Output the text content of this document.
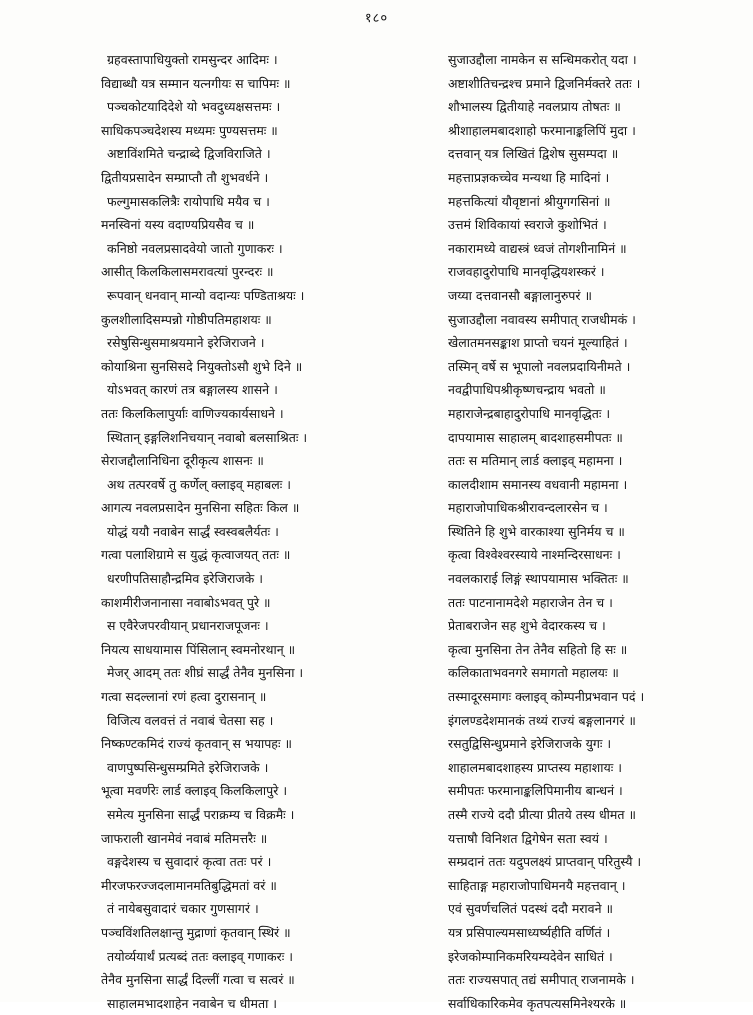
१८०
ग्रहवस्तापाधियुक्तो रामसुन्दर आदिमः ।
विद्याब्धौ यत्र सम्मान यत्नगीयः स चापिमः ॥
पञ्चकोटयादिदेशे यो भवदुध्यक्षसत्तमः ।
साधिकपञ्चदेशस्य मध्यमः पुण्यसत्तमः ॥
अष्टाविंशमिते चन्द्राब्दे द्विजविराजिते ।
द्वितीयप्रसादेन सम्प्राप्तौ तौ शुभवर्धने ।
फल्गुमासकलित्रैः रायोपाधि मयैव च ।
मनस्विनां यस्य वदाण्यप्रियसैव च ॥
कनिष्ठो नवलप्रसादवेयो जातो गुणाकरः ।
आसीत् किलकिलासमरावत्यां पुरन्दरः ॥
रूपवान् धनवान् मान्यो वदान्यः पण्डिताश्रयः ।
कुलशीलादिसम्पन्नो गोष्ठीपतिमहाशयः ॥
रसेषुसिन्धुसमाश्रयमाने इरेजिराजने ।
कोयाश्रिना सुनसिसदे नियुक्तोऽसौ शुभे दिने ॥
योऽभवत् कारणं तत्र बङ्गालस्य शासने ।
ततः किलकिलापुर्याः वाणिज्यकार्यसाधने ।
स्थितान् इङ्गलिशनिचयान् नवाबो बलसाश्रितः ।
सेराजद्दौलानिधिना दूरीकृत्य शासनः ॥
अथ तत्परवर्षे तु कर्णेल् क्लाइव् महाबलः ।
आगत्य नवलप्रसादेन मुनसिना सहितः किल ॥
योद्धं ययौ नवाबेन सार्द्धं स्वस्वबलैर्यतः ।
गत्वा पलाशिग्रामे स युद्धं कृत्वाजयत् ततः ॥
धरणीपतिसाहौन्द्रमिव इरेजिराजके ।
काशमीरीजनानासा नवाबोऽभवत् पुरे ॥
स एवैरेजपरवीयान् प्रधानराजपूजनः ।
नियत्य साधयामास पिंसिलान् स्वमनोरथान् ॥
मेजर् आदम् ततः शीघ्रं सार्द्धं तेनैव मुनसिना ।
गत्वा सदल्लानां रणं हत्वा दुरासनान् ॥
विजित्य वलवत्तं तं नवाबं चेतसा सह ।
निष्कण्टकमिदं राज्यं कृतवान् स भयापहः ॥
वाणपुष्पसिन्धुसम्प्रमिते इरेजिराजके ।
भूत्वा मवर्णरेः लार्ड क्लाइव् किलकिलापुरे ।
समेत्य मुनसिना सार्द्धं पराक्रम्य च विक्रमैः ।
जाफराली खानमेवं नवाबं मतिमत्तरैः ॥
वङ्गदेशस्य च सुवादारं कृत्वा ततः परं ।
मीरजफरज्जदलामानमतिबुद्धिमतां वरं ॥
तं नायेबसुवादारं चकार गुणसागरं ।
पञ्चविंशतिलक्षान्तु मुद्राणां कृतवान् स्थिरं ॥
तयोर्व्ययार्थं प्रत्यब्दं ततः क्लाइव् गणाकरः ।
तेनैव मुनसिना सार्द्धं दिल्लीं गत्वा च सत्वरं ॥
साहालमभादशाहेन नवाबेन च धीमता ।
सुजाउद्दौला नामकेन स सन्धिमकरोत् यदा ।
अष्टाशीतिचन्द्रश्च प्रमाने द्विजनिर्मक्तरे ततः ।
शौभालस्य द्वितीयाहे नवलप्राय तोषतः ॥
श्रीशाहालमबादशाहो फरमानाङ्कलिपिं मुदा ।
दत्तवान् यत्र लिखितं द्विशेष सुसम्पदा ॥
महत्ताप्रज्ञकच्चेव मन्यथा हि मादिनां ।
महत्तकित्यां यौवृष्टानां श्रीयुगगसिनां ॥
उत्तमं शिविकायां स्वराजे कुशोभितं ।
नकारामध्ये वाद्यस्त्रं ध्वजं तोगशीनामिनं ॥
राजवहादुरोपाधि मानवृद्धियशस्करं ।
जय्या दत्तवानसौ बङ्गालानुरुपरं ॥
सुजाउद्दौला नवावस्य समीपात् राजधीमकं ।
खेलातमनसङ्काश प्राप्तो चयनं मूल्याहितं ।
तस्मिन् वर्षे स भूपालो नवलप्रदायिनीमते ।
नवद्वीपाधिपश्रीकृष्णचन्द्राय भवतो ॥
महाराजेन्द्रबाहादुरोपाधि मानवृद्धितः ।
दापयामास साहालम् बादशाहसमीपतः ॥
ततः स मतिमान् लार्ड क्लाइव् महामना ।
कालदीशाम समानस्य वधवानी महामना ।
महाराजोपाधिकश्रीरावन्दलारसेन च ।
स्थितिने हि शुभे वारकाश्या सुनिर्मय च ॥
कृत्वा विश्वेश्वरस्याये नाश्मन्दिरसाधनः ।
नवलकाराई लिङ्गं स्थापयामास भक्तितः ॥
ततः पाटनानामदेशे महाराजेन तेन च ।
प्रेताबराजेन सह शुभे वेदारकस्य च ।
कृत्वा मुनसिना तेन तेनैव सहितो हि सः ॥
कलिकाताभवनगरे समागतो महालयः ॥
तस्मादूरसमागः क्लाइव् कोम्पनीप्रभवान पदं ।
इंगलण्डदेशमानकं तथ्यं राज्यं बङ्गलानगरं ॥
रसतुद्विसिन्धुप्रमाने इरेजिराजके युगः ।
शाहालमबादशाहस्य प्राप्तस्य महाशायः ।
समीपतः फरमानाङ्कलिपिमानीय बान्धनं ।
तस्मै राज्ये ददौ प्रीत्या प्रीतये तस्य धीमत ॥
यत्ताषौ विनिशत द्विगेषेन सता स्वयं ।
सम्प्रदानं ततः यदुपलक्ष्यं प्राप्तवान् परितुस्यै ।
साहिताङ्ग महाराजोपाधिमनयै महत्तवान् ।
एवं सुवर्णचलितं पदस्थं ददौ मरावने ॥
यत्र प्रसिपाल्यमसाध्यर्ष्यहीति वर्णितं ।
इरेजकोम्पानिकमरियम्यदेवेन साधितं ।
ततः राज्यसपात् तद्यं समीपात् राजनामके ।
सर्वाधिकारिकमेव कृतपत्यसमिनेश्यरके ॥
